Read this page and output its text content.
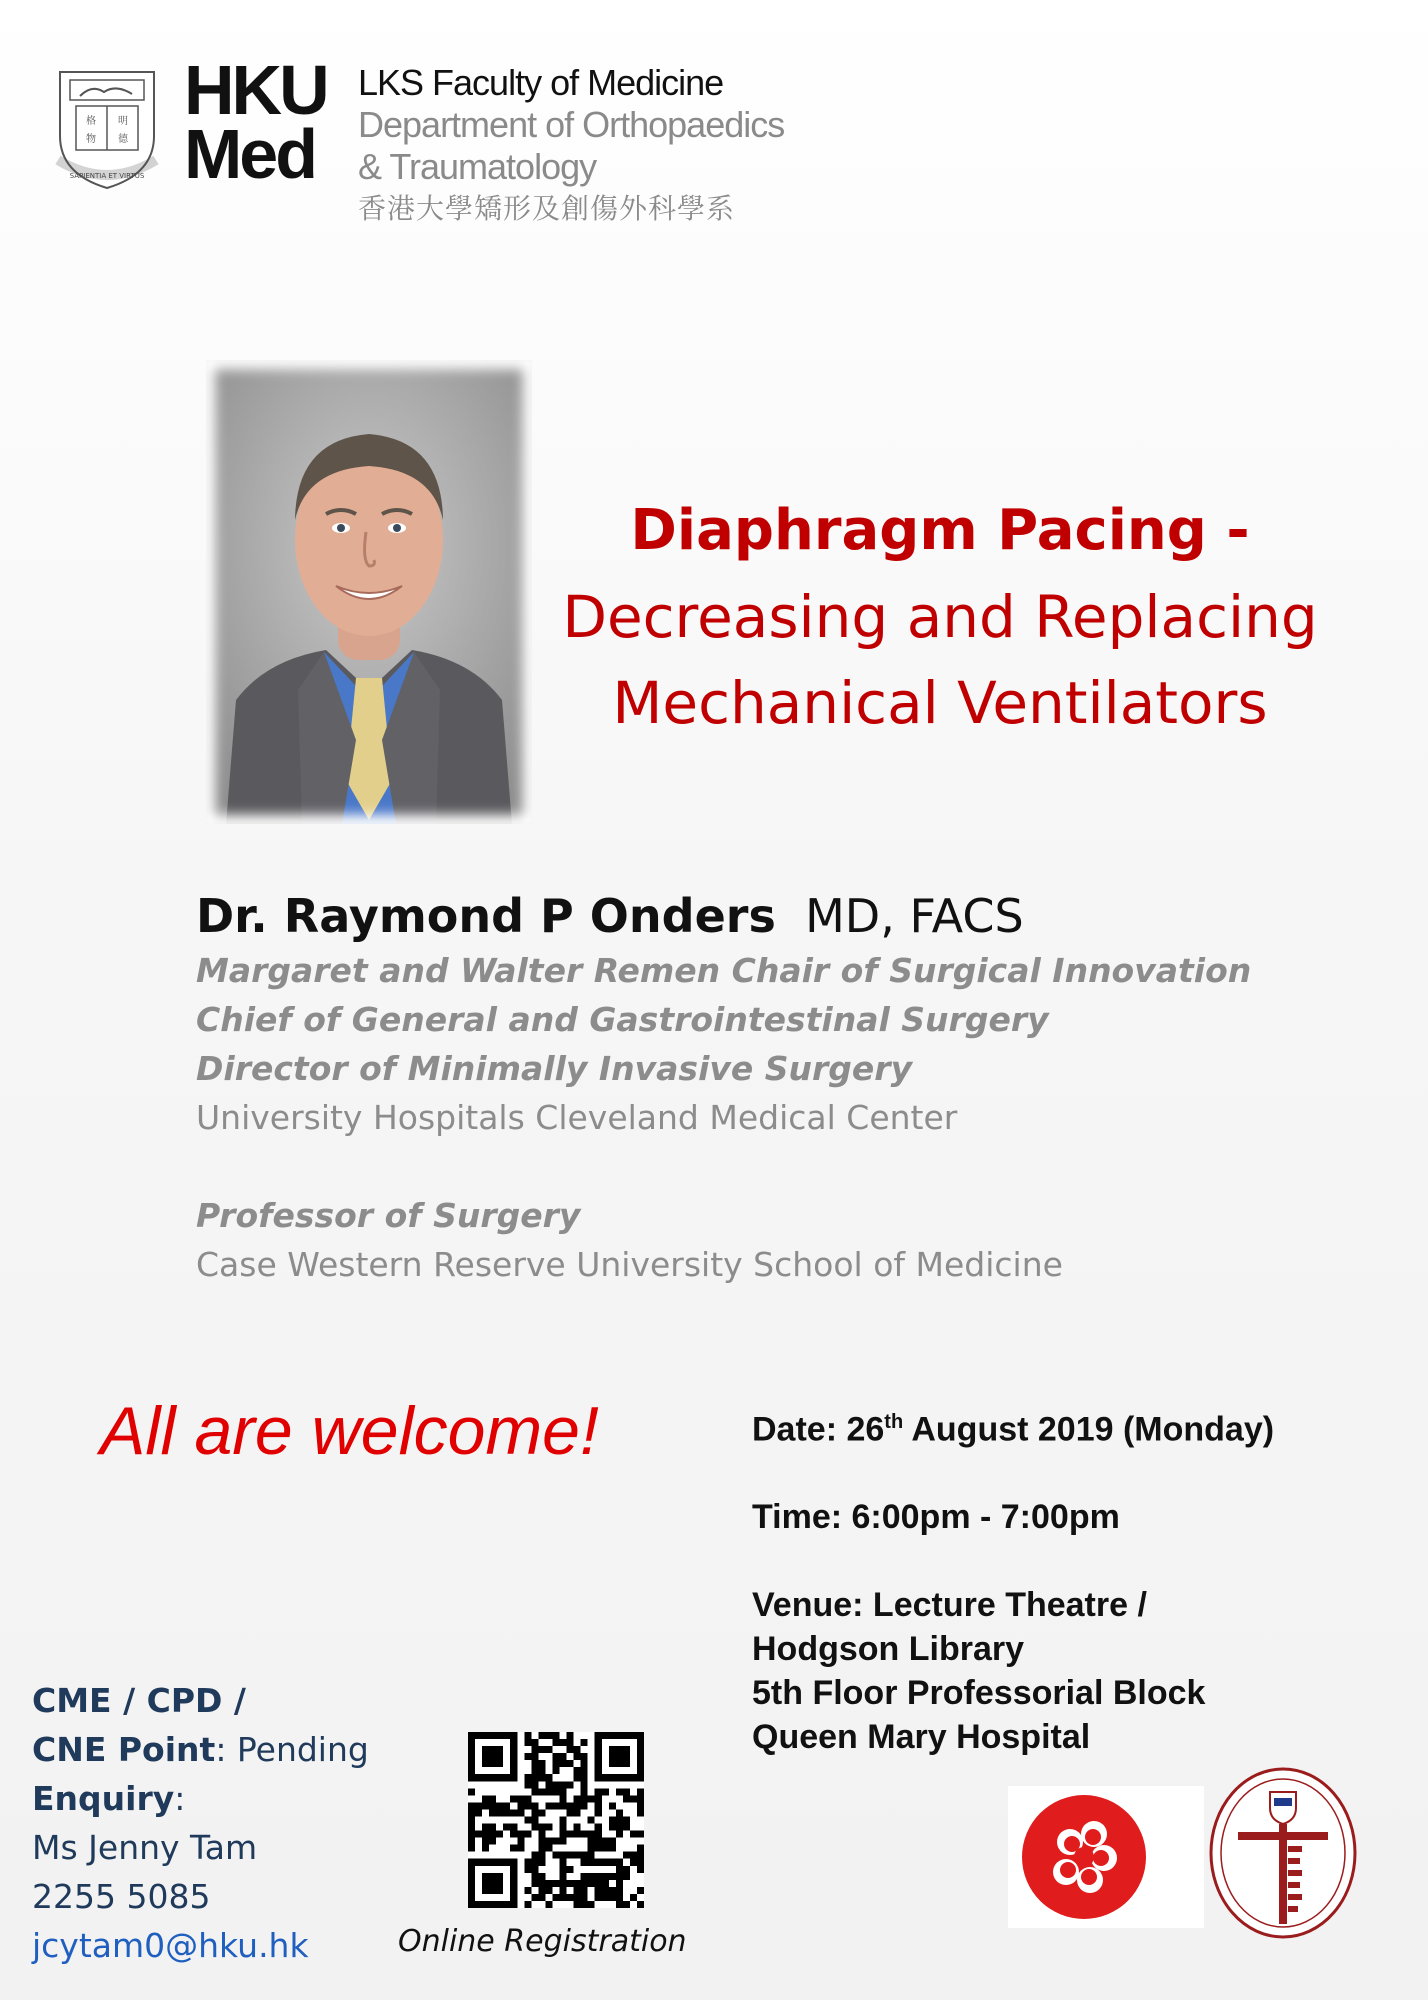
格
物
明
德
SAPIENTIA ET VIRTUS
HKU
Med
LKS Faculty of Medicine
Department of Orthopaedics
& Traumatology
香港大學矯形及創傷外科學系
Diaphragm Pacing -
Decreasing and Replacing
Mechanical Ventilators
Dr. Raymond P Onders MD, FACS
Margaret and Walter Remen Chair of Surgical Innovation
Chief of General and Gastrointestinal Surgery
Director of Minimally Invasive Surgery
University Hospitals Cleveland Medical Center
Professor of Surgery
Case Western Reserve University School of Medicine
All are welcome!	Date: 26th August 2019 (Monday)
Time: 6:00pm - 7:00pm
Venue: Lecture Theatre /
Hodgson Library
5th Floor Professorial Block
Queen Mary Hospital
CME / CPD /
CNE Point: Pending
Enquiry:
Ms Jenny Tam
2255 5085
jcytam0@hku.hk	Online Registration
